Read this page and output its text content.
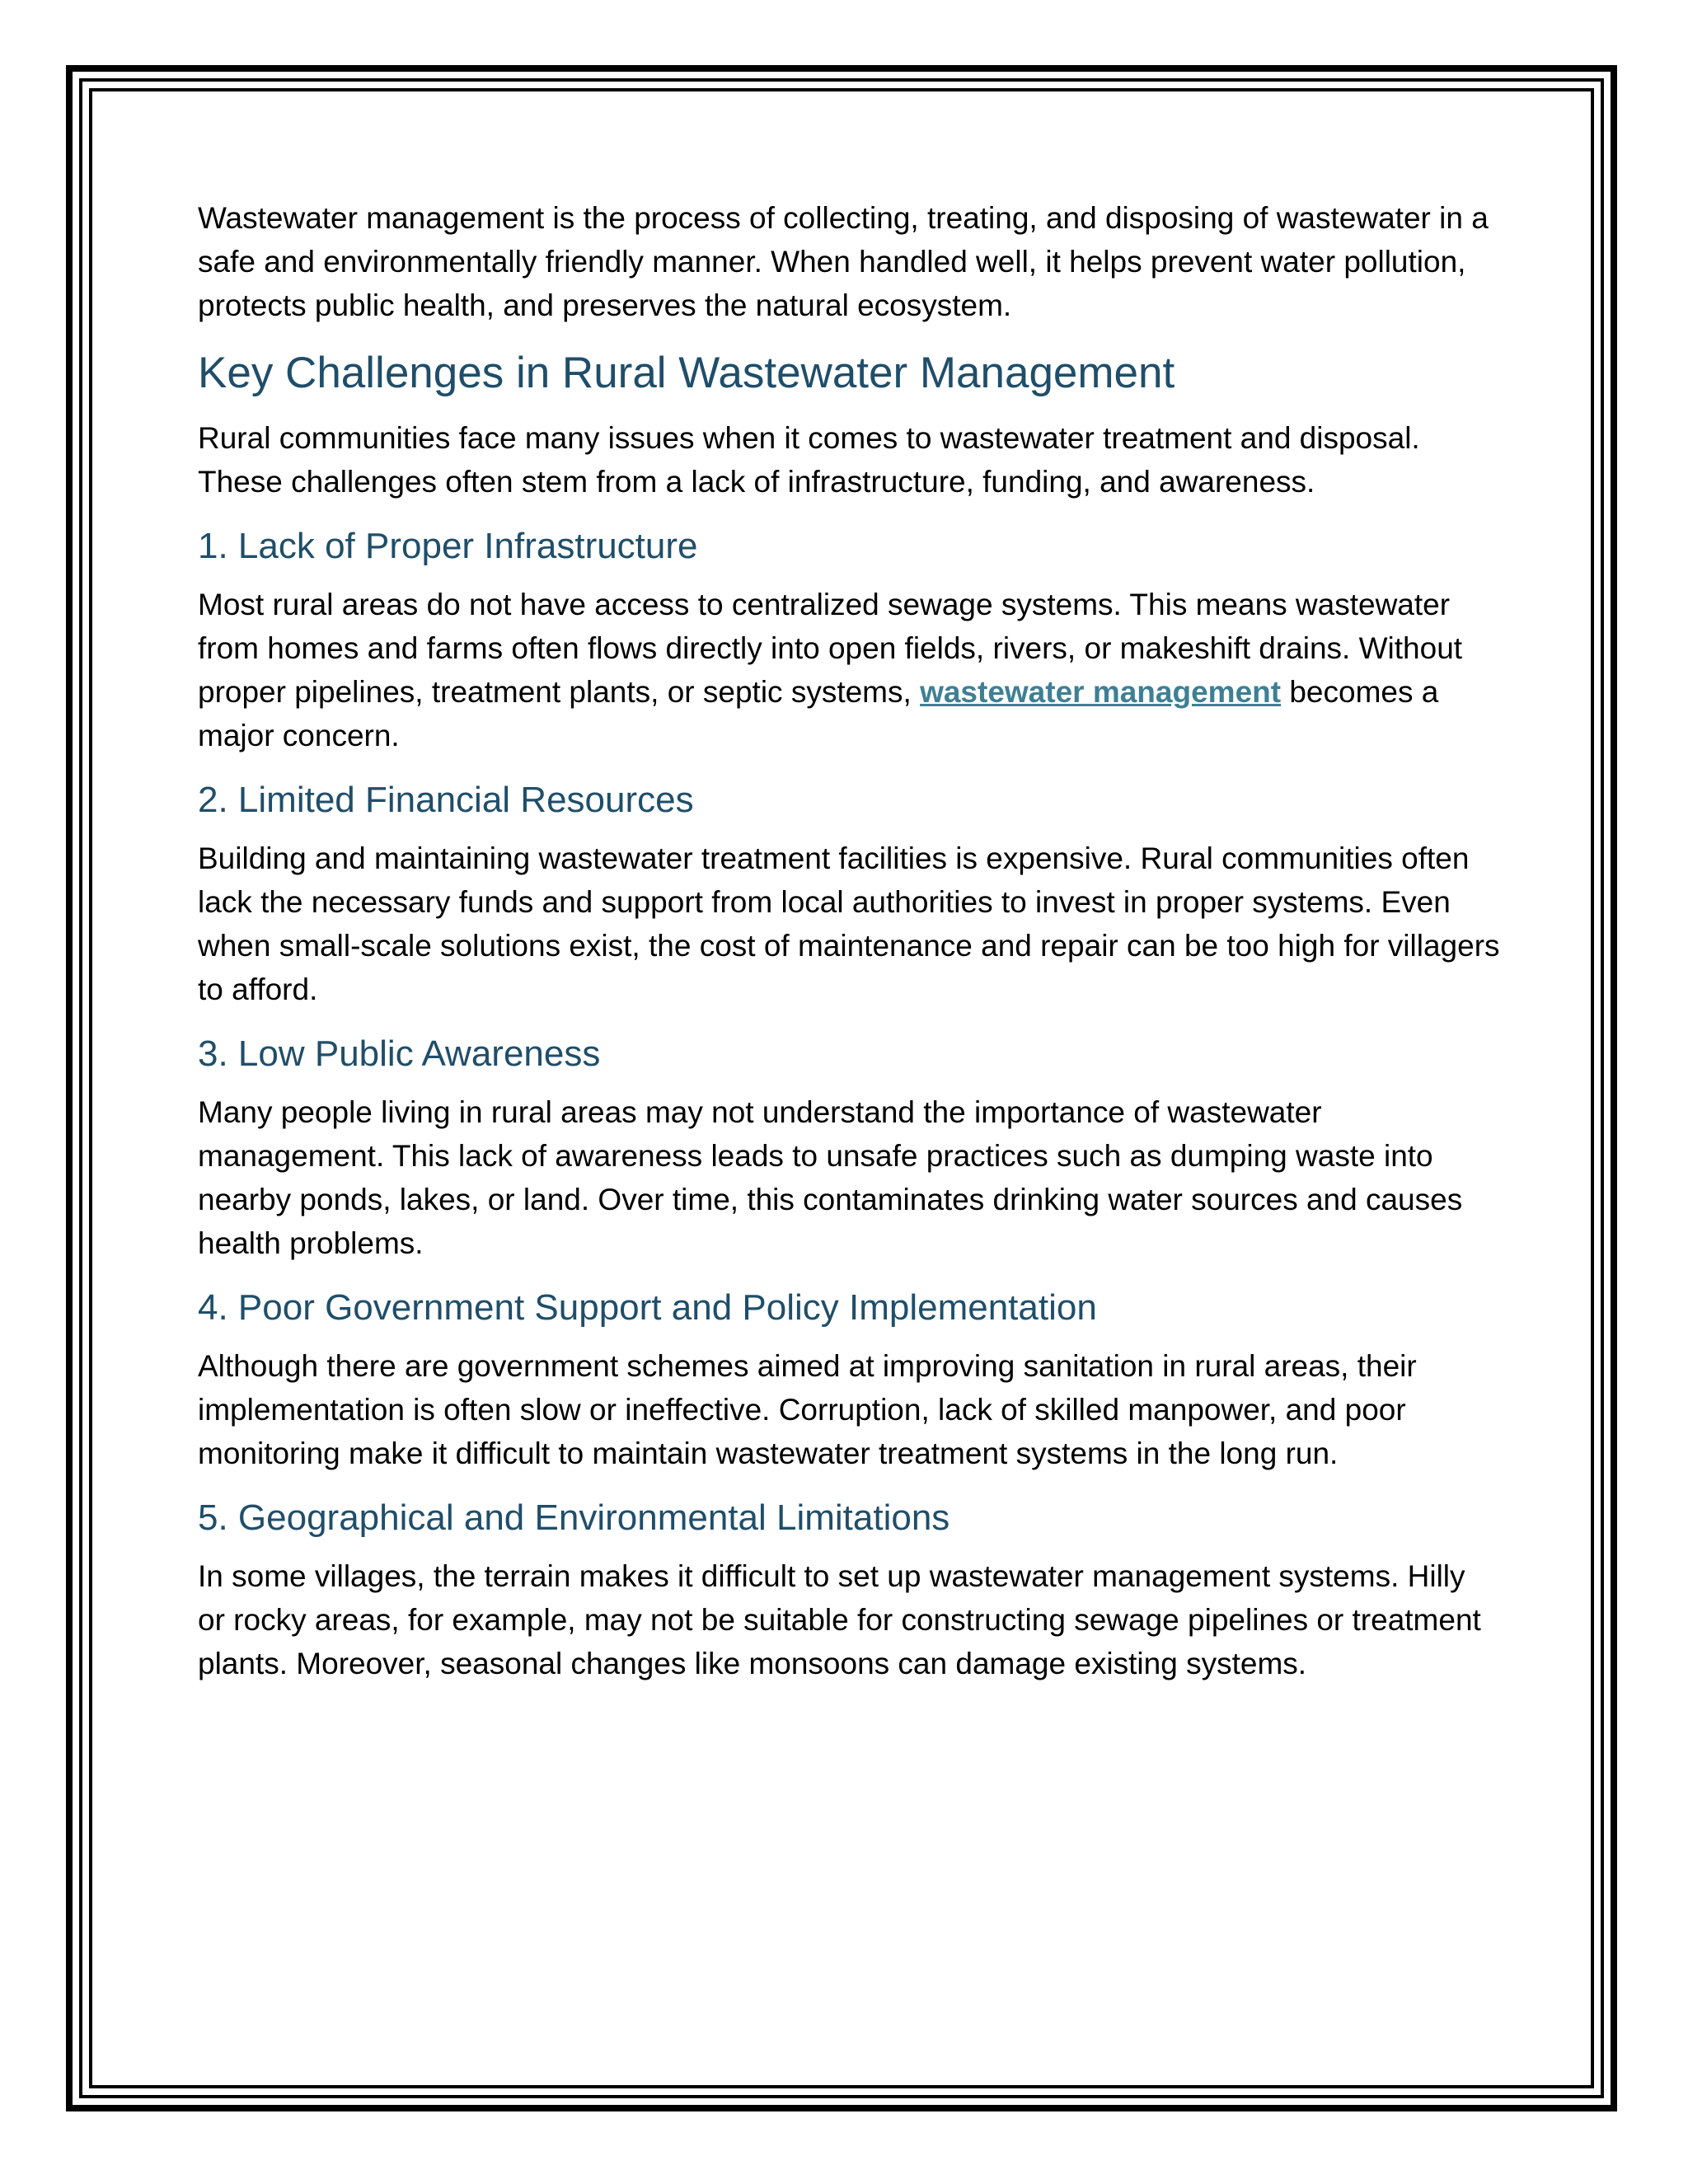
Wastewater management is the process of collecting, treating, and disposing of wastewater in a safe and environmentally friendly manner. When handled well, it helps prevent water pollution, protects public health, and preserves the natural ecosystem.

Key Challenges in Rural Wastewater Management

Rural communities face many issues when it comes to wastewater treatment and disposal. These challenges often stem from a lack of infrastructure, funding, and awareness.

1. Lack of Proper Infrastructure

Most rural areas do not have access to centralized sewage systems. This means wastewater from homes and farms often flows directly into open fields, rivers, or makeshift drains. Without proper pipelines, treatment plants, or septic systems, wastewater management becomes a major concern.

2. Limited Financial Resources

Building and maintaining wastewater treatment facilities is expensive. Rural communities often lack the necessary funds and support from local authorities to invest in proper systems. Even when small-scale solutions exist, the cost of maintenance and repair can be too high for villagers to afford.

3. Low Public Awareness

Many people living in rural areas may not understand the importance of wastewater management. This lack of awareness leads to unsafe practices such as dumping waste into nearby ponds, lakes, or land. Over time, this contaminates drinking water sources and causes health problems.

4. Poor Government Support and Policy Implementation

Although there are government schemes aimed at improving sanitation in rural areas, their implementation is often slow or ineffective. Corruption, lack of skilled manpower, and poor monitoring make it difficult to maintain wastewater treatment systems in the long run.

5. Geographical and Environmental Limitations

In some villages, the terrain makes it difficult to set up wastewater management systems. Hilly or rocky areas, for example, may not be suitable for constructing sewage pipelines or treatment plants. Moreover, seasonal changes like monsoons can damage existing systems.
